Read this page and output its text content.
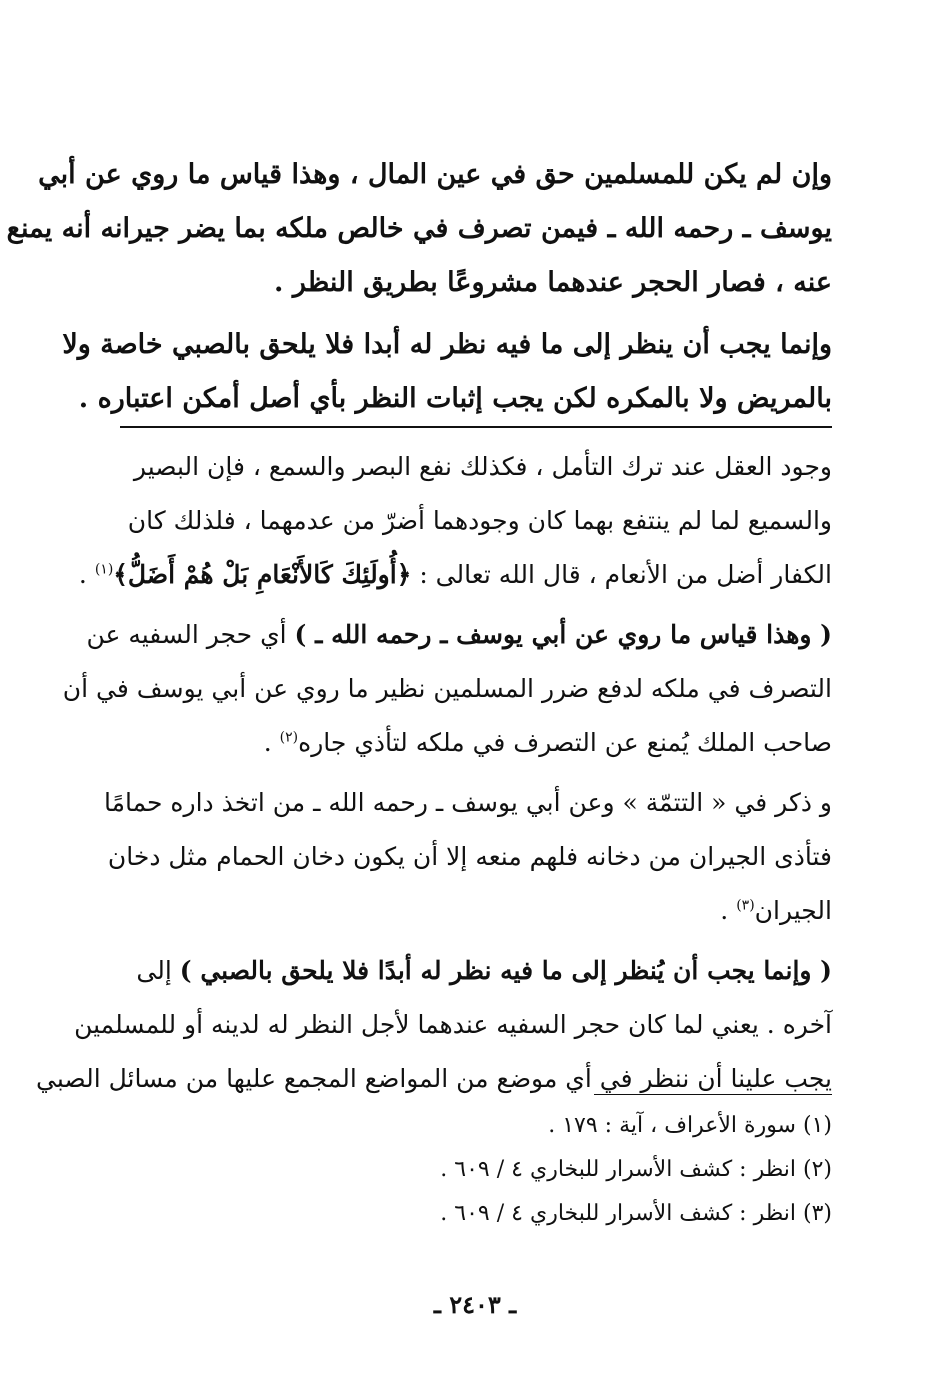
وإن لم يكن للمسلمين حق في عين المال ، وهذا قياس ما روي عن أبي
يوسف ـ رحمه الله ـ فيمن تصرف في خالص ملكه بما يضر جيرانه أنه يمنع
عنه ، فصار الحجر عندهما مشروعًا بطريق النظر .
وإنما يجب أن ينظر إلى ما فيه نظر له أبدا فلا يلحق بالصبي خاصة ولا
بالمريض ولا بالمكره لكن يجب إثبات النظر بأي أصل أمكن اعتباره .
وجود العقل عند ترك التأمل ، فكذلك نفع البصر والسمع ، فإن البصير
والسميع لما لم ينتفع بهما كان وجودهما أضرّ من عدمهما ، فلذلك كان
الكفار أضل من الأنعام ، قال الله تعالى : ﴿أُولَئِكَ كَالأَنْعَامِ بَلْ هُمْ أَضَلُّ﴾$^{(١)}$ .
( وهذا قياس ما روي عن أبي يوسف ـ رحمه الله ـ ) أي حجر السفيه عن
التصرف في ملكه لدفع ضرر المسلمين نظير ما روي عن أبي يوسف في أن
صاحب الملك يُمنع عن التصرف في ملكه لتأذي جاره$^{(٢)}$ .
و ذكر في « التتمّة » وعن أبي يوسف ـ رحمه الله ـ من اتخذ داره حمامًا
فتأذى الجيران من دخانه فلهم منعه إلا أن يكون دخان الحمام مثل دخان
الجيران$^{(٣)}$ .
( وإنما يجب أن يُنظر إلى ما فيه نظر له أبدًا فلا يلحق بالصبي ) إلى
آخره . يعني لما كان حجر السفيه عندهما لأجل النظر له لدينه أو للمسلمين
يجب علينا أن ننظر في أي موضع من المواضع المجمع عليها من مسائل الصبي
(١) سورة الأعراف ، آية : ١٧٩ .
(٢) انظر : كشف الأسرار للبخاري ٤ / ٦٠٩ .
(٣) انظر : كشف الأسرار للبخاري ٤ / ٦٠٩ .
ـ ٢٤٠٣ ـ
